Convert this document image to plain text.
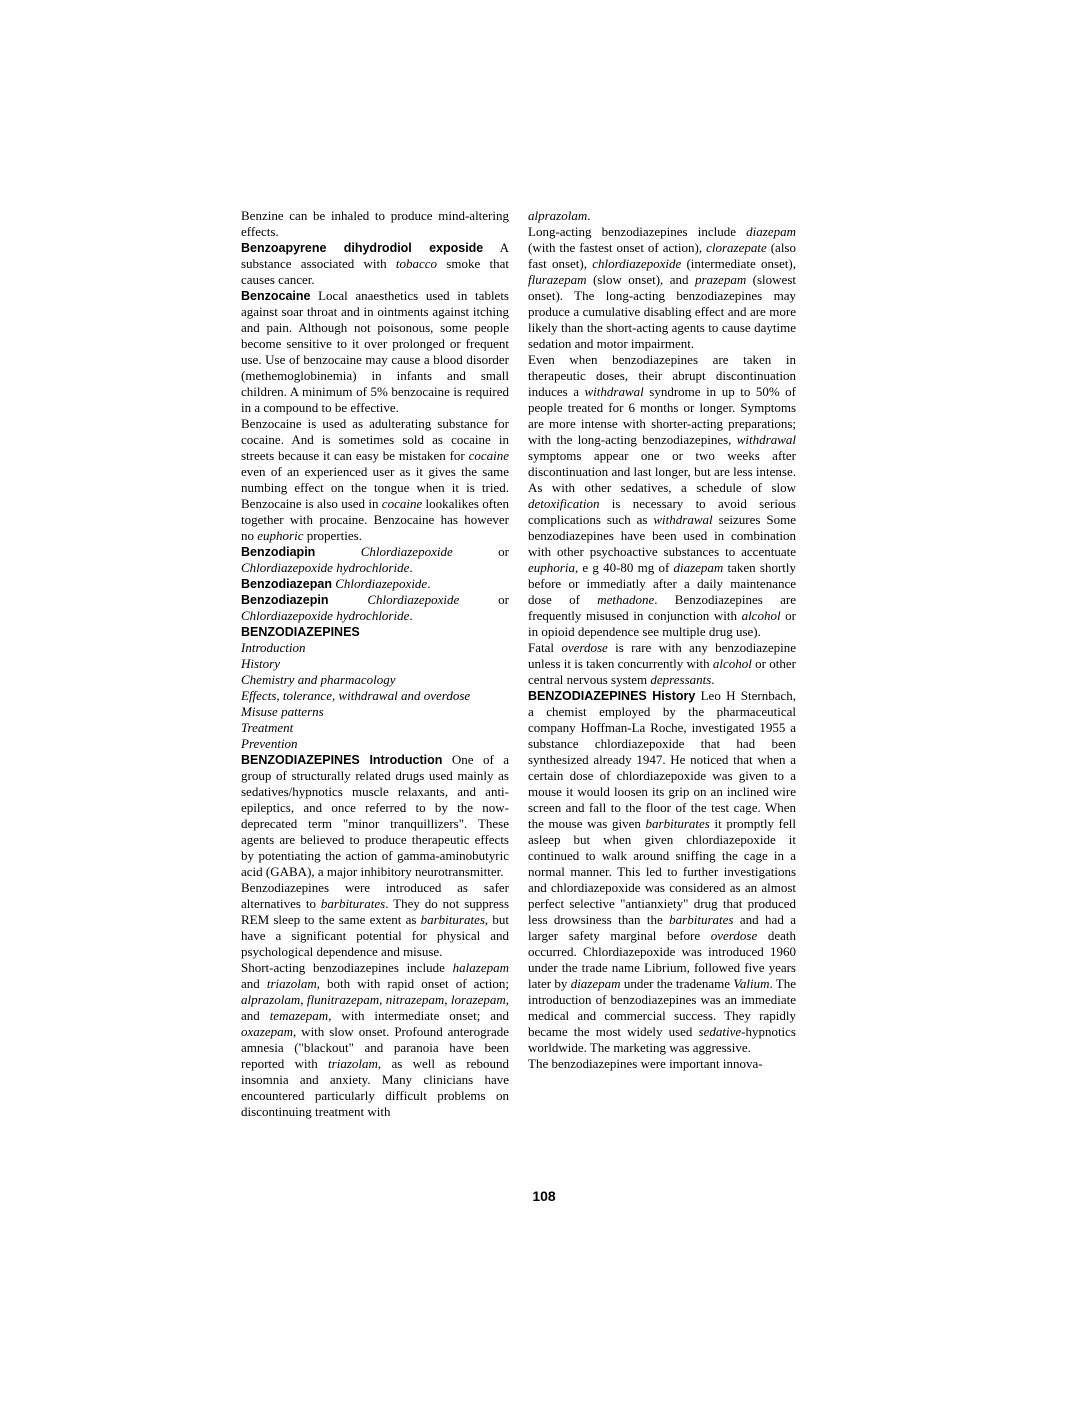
Benzine can be inhaled to produce mind-altering effects.

Benzoapyrene dihydrodiol exposide A substance associated with tobacco smoke that causes cancer.

Benzocaine Local anaesthetics used in tablets against soar throat and in ointments against itching and pain. Although not poisonous, some people become sensitive to it over prolonged or frequent use. Use of benzocaine may cause a blood disorder (methemoglobinemia) in infants and small children. A minimum of 5% benzocaine is required in a compound to be effective.

Benzocaine is used as adulterating substance for cocaine. And is sometimes sold as cocaine in streets because it can easy be mistaken for cocaine even of an experienced user as it gives the same numbing effect on the tongue when it is tried. Benzocaine is also used in cocaine lookalikes often together with procaine. Benzocaine has however no euphoric properties.

Benzodiapin	Chlordiazepoxide or Chlordiazepoxide hydrochloride.

Benzodiazepan Chlordiazepoxide.

Benzodiazepin	Chlordiazepoxide or Chlordiazepoxide hydrochloride.

BENZODIAZEPINES

Introduction

History

Chemistry and pharmacology

Effects, tolerance, withdrawal and overdose

Misuse patterns

Treatment

Prevention

BENZODIAZEPINES Introduction One of a group of structurally related drugs used mainly as sedatives/hypnotics muscle relaxants, and anti-epileptics, and once referred to by the now-deprecated term "minor tranquillizers". These agents are believed to produce therapeutic effects by potentiating the action of gamma-aminobutyric acid (GABA), a major inhibitory neurotransmitter.

Benzodiazepines were introduced as safer alternatives to barbiturates. They do not suppress REM sleep to the same extent as barbiturates, but have a significant potential for physical and psychological dependence and misuse.

Short-acting benzodiazepines include halazepam and triazolam, both with rapid onset of action; alprazolam, flunitrazepam, nitrazepam, lorazepam, and temazepam, with intermediate onset; and oxazepam, with slow onset. Profound anterograde amnesia ("blackout" and paranoia have been reported with triazolam, as well as rebound insomnia and anxiety. Many clinicians have encountered particularly difficult problems on discontinuing treatment with

alprazolam.

Long-acting benzodiazepines include diazepam (with the fastest onset of action), clorazepate (also fast onset), chlordiazepoxide (intermediate onset), flurazepam (slow onset), and prazepam (slowest onset). The long-acting benzodiazepines may produce a cumulative disabling effect and are more likely than the short-acting agents to cause daytime sedation and motor impairment.

Even when benzodiazepines are taken in therapeutic doses, their abrupt discontinuation induces a withdrawal syndrome in up to 50% of people treated for 6 months or longer. Symptoms are more intense with shorter-acting preparations; with the long-acting benzodiazepines, withdrawal symptoms appear one or two weeks after discontinuation and last longer, but are less intense. As with other sedatives, a schedule of slow detoxification is necessary to avoid serious complications such as withdrawal seizures Some benzodiazepines have been used in combination with other psychoactive substances to accentuate euphoria, e g 40-80 mg of diazepam taken shortly before or immediatly after a daily maintenance dose of methadone. Benzodiazepines are frequently misused in conjunction with alcohol or in opioid dependence see multiple drug use).

Fatal overdose is rare with any benzodiazepine unless it is taken concurrently with alcohol or other central nervous system depressants.

BENZODIAZEPINES History Leo H Sternbach, a chemist employed by the pharmaceutical company Hoffman-La Roche, investigated 1955 a substance chlordiazepoxide that had been synthesized already 1947. He noticed that when a certain dose of chlordiazepoxide was given to a mouse it would loosen its grip on an inclined wire screen and fall to the floor of the test cage. When the mouse was given barbiturates it promptly fell asleep but when given chlordiazepoxide it continued to walk around sniffing the cage in a normal manner. This led to further investigations and chlordiazepoxide was considered as an almost perfect selective "antianxiety" drug that produced less drowsiness than the barbiturates and had a larger safety marginal before overdose death occurred. Chlordiazepoxide was introduced 1960 under the trade name Librium, followed five years later by diazepam under the tradename Valium. The introduction of benzodiazepines was an immediate medical and commercial success. They rapidly became the most widely used sedative-hypnotics worldwide. The marketing was aggressive.

The benzodiazepines were important innova-

108
